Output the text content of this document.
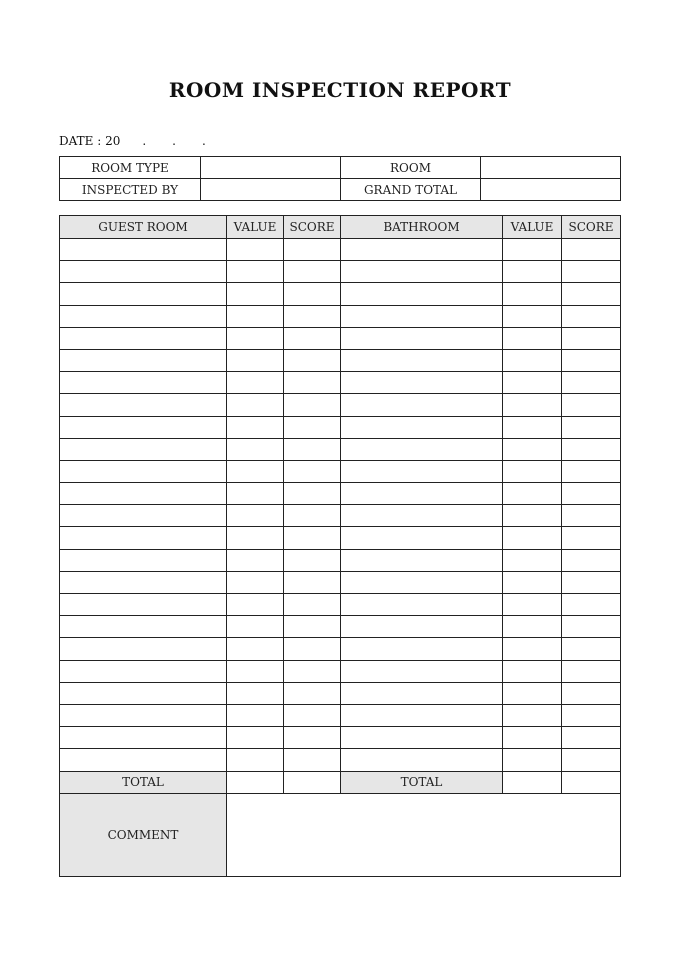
ROOM INSPECTION REPORT
DATE : 20 . . .
ROOM TYPE		ROOM	
INSPECTED BY		GRAND TOTAL	
GUEST ROOM	VALUE	SCORE	BATHROOM	VALUE	SCORE

TOTAL			TOTAL		
COMMENT					
